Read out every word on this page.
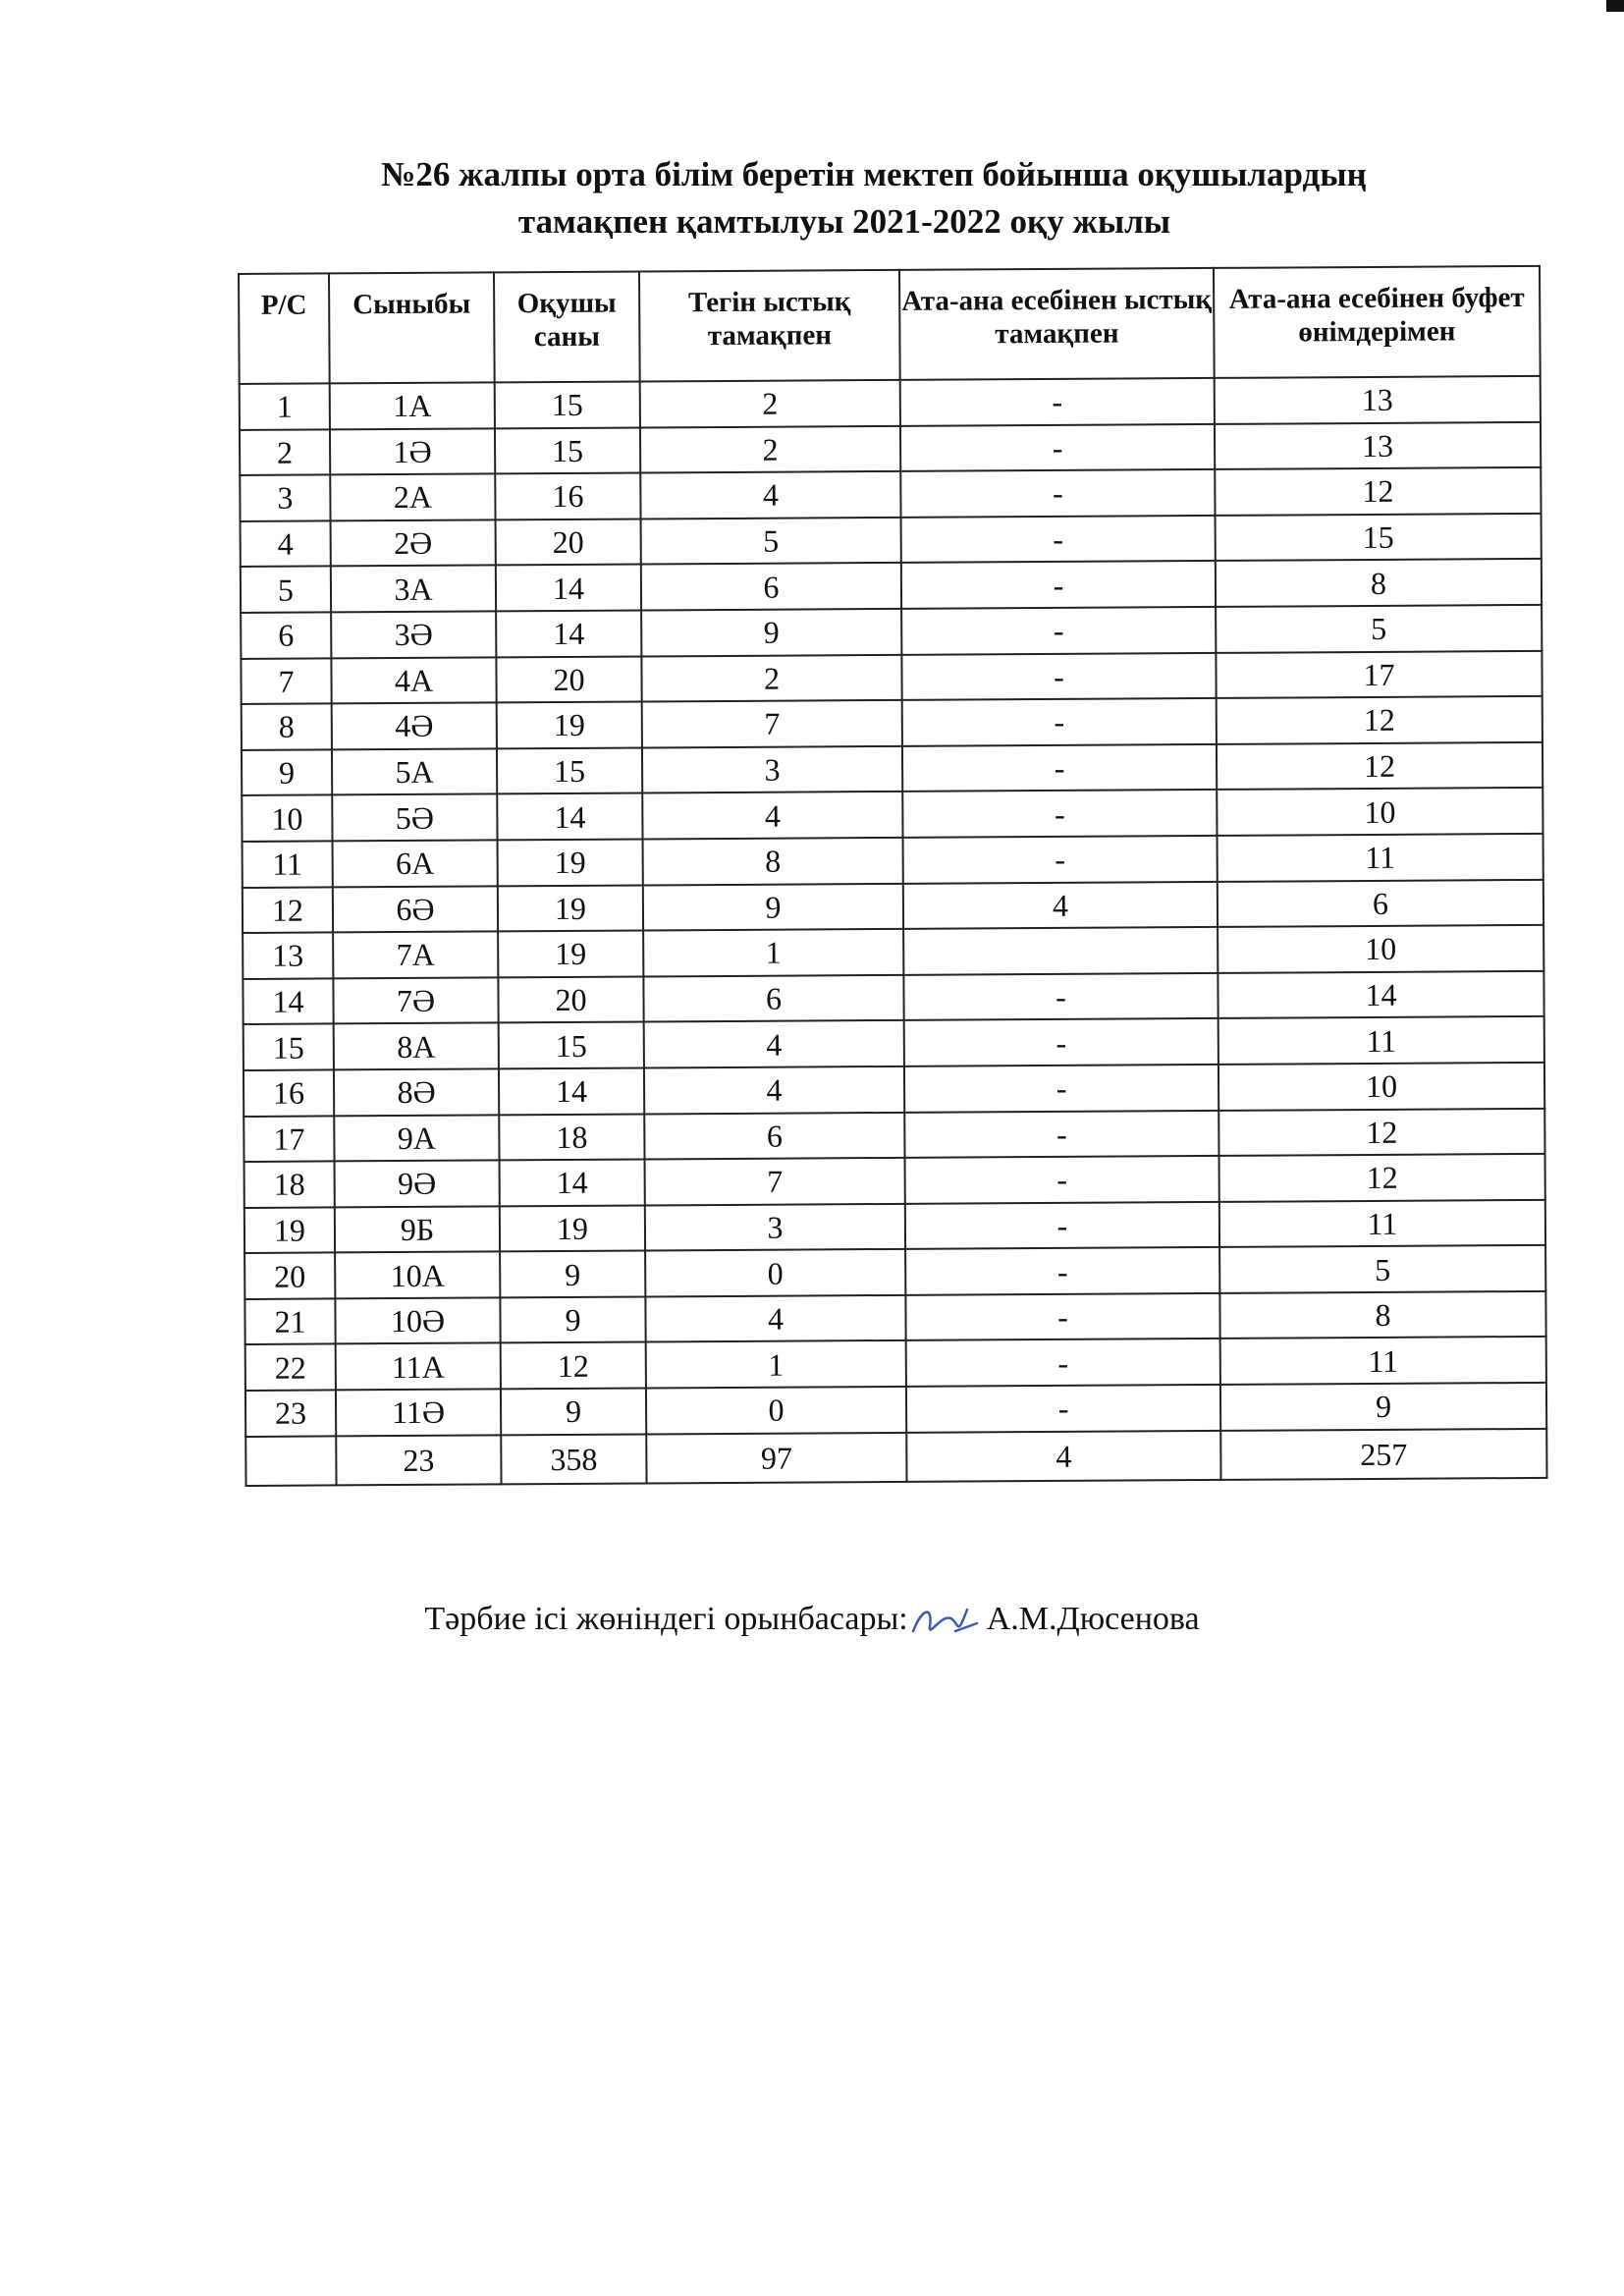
№26 жалпы орта білім беретін мектеп бойынша оқушылардың

тамақпен қамтылуы 2021-2022 оқу жылы
Р/С	Сыныбы	Оқушы саны	Тегін ыстық тамақпен	Ата-ана есебінен ыстық тамақпен	Ата-ана есебінен буфет өнімдерімен
1	1А	15	2	-	13
2	1Ә	15	2	-	13
3	2А	16	4	-	12
4	2Ә	20	5	-	15
5	3А	14	6	-	8
6	3Ә	14	9	-	5
7	4А	20	2	-	17
8	4Ә	19	7	-	12
9	5А	15	3	-	12
10	5Ә	14	4	-	10
11	6А	19	8	-	11
12	6Ә	19	9	4	6
13	7А	19	1		10
14	7Ә	20	6	-	14
15	8А	15	4	-	11
16	8Ә	14	4	-	10
17	9А	18	6	-	12
18	9Ә	14	7	-	12
19	9Б	19	3	-	11
20	10А	9	0	-	5
21	10Ә	9	4	-	8
22	11А	12	1	-	11
23	11Ә	9	0	-	9
	23	358	97	4	257
Тәрбие ісі жөніндегі орынбасары: А.М.Дюсенова
